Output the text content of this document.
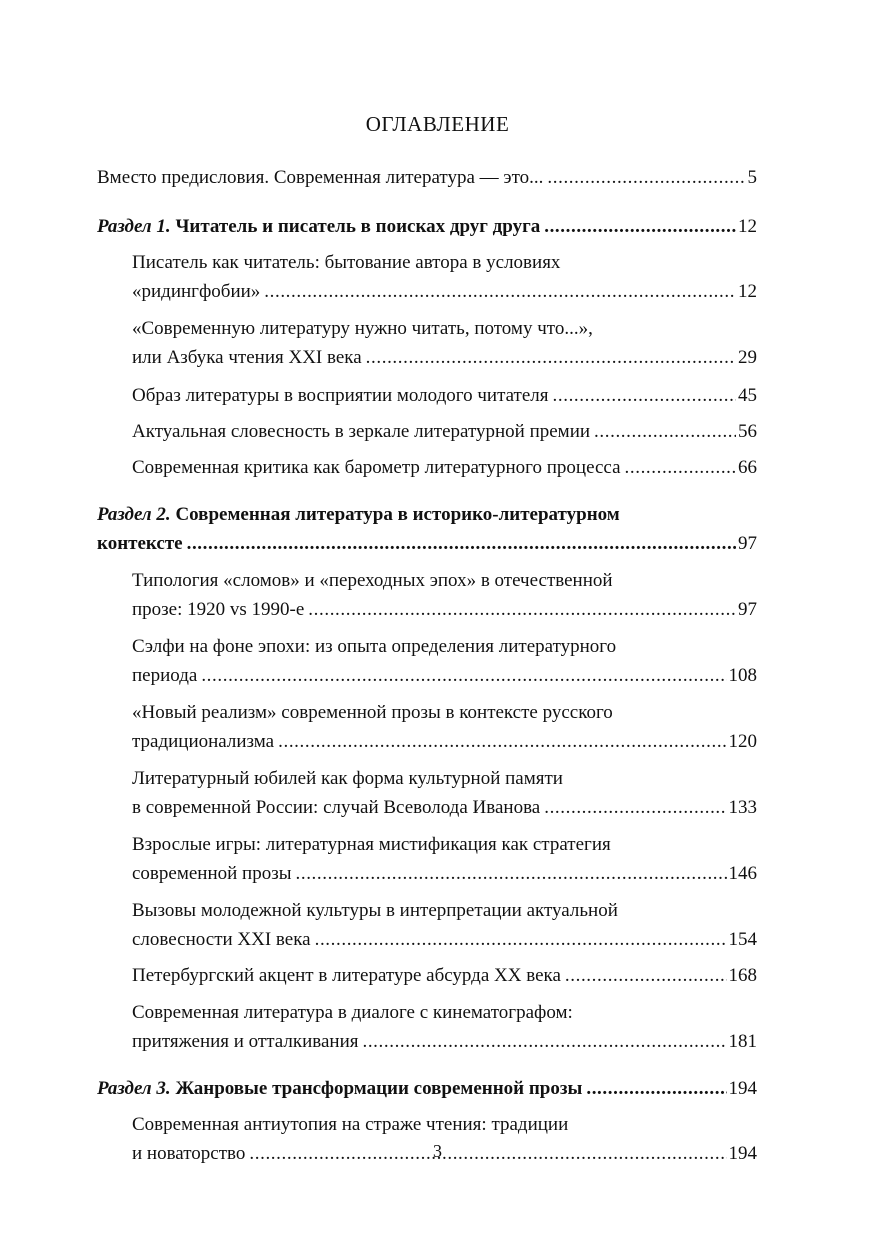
ОГЛАВЛЕНИЕ
Вместо предисловия. Современная литература — это... .....	5
Раздел 1. Читатель и писатель в поисках друг друга .....	12
Писатель как читатель: бытование автора в условиях
«ридингфобии» .....	12
«Современную литературу нужно читать, потому что...»,
или Азбука чтения XXI века .....	29
Образ литературы в восприятии молодого читателя .....	45
Актуальная словесность в зеркале литературной премии .....	56
Современная критика как барометр литературного процесса .....	66
Раздел 2. Современная литература в историко-литературном
контексте .....	97
Типология «сломов» и «переходных эпох» в отечественной
прозе: 1920 vs 1990-е .....	97
Сэлфи на фоне эпохи: из опыта определения литературного
периода .....	108
«Новый реализм» современной прозы в контексте русского
традиционализма .....	120
Литературный юбилей как форма культурной памяти
в современной России: случай Всеволода Иванова .....	133
Взрослые игры: литературная мистификация как стратегия
современной прозы .....	146
Вызовы молодежной культуры в интерпретации актуальной
словесности XXI века .....	154
Петербургский акцент в литературе абсурда XX века .....	168
Современная литература в диалоге с кинематографом:
притяжения и отталкивания .....	181
Раздел 3. Жанровые трансформации современной прозы .....	194
Современная антиутопия на страже чтения: традиции
и новаторство .....	194
3
